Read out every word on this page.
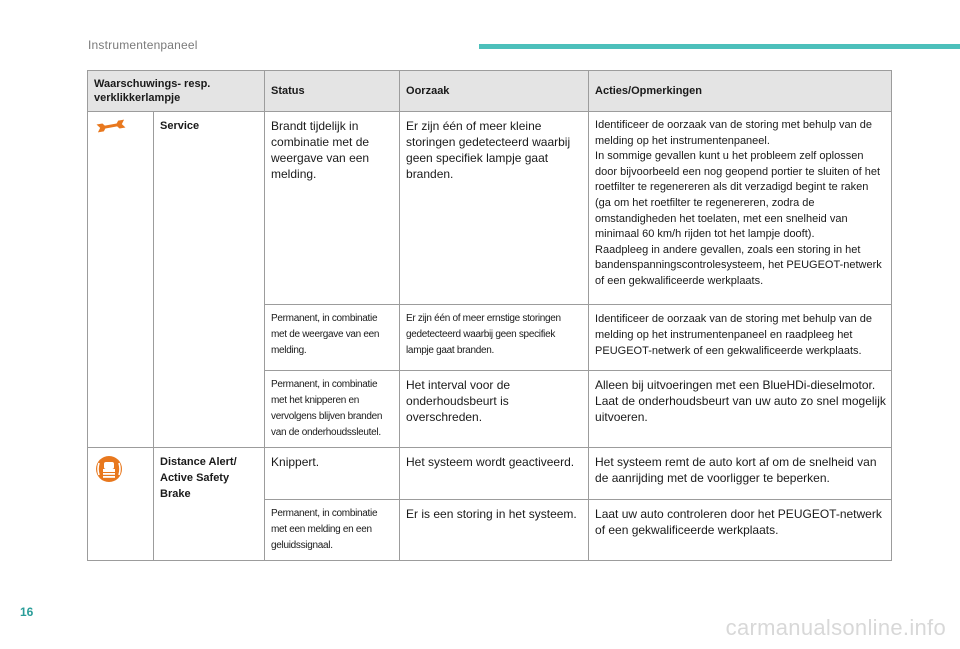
Instrumentenpaneel
Waarschuwings- resp. verklikkerlampje		Status	Oorzaak	Acties/Opmerkingen
	Service	Brandt tijdelijk in combinatie met de weergave van een melding.	Er zijn één of meer kleine storingen gedetecteerd waarbij geen specifiek lampje gaat branden.	Identificeer de oorzaak van de storing met behulp van de melding op het instrumentenpaneel.
In sommige gevallen kunt u het probleem zelf oplossen door bijvoorbeeld een nog geopend portier te sluiten of het roetfilter te regenereren als dit verzadigd begint te raken (ga om het roetfilter te regenereren, zodra de omstandigheden het toelaten, met een snelheid van minimaal 60 km/h rijden tot het lampje dooft).
Raadpleeg in andere gevallen, zoals een storing in het bandenspanningscontrolesysteem, het PEUGEOT-netwerk of een gekwalificeerde werkplaats.

		Permanent, in combinatie met de weergave van een melding.	Er zijn één of meer ernstige storingen gedetecteerd waarbij geen specifiek lampje gaat branden.	Identificeer de oorzaak van de storing met behulp van de melding op het instrumentenpaneel en raadpleeg het PEUGEOT-netwerk of een gekwalificeerde werkplaats.

		Permanent, in combinatie met het knipperen en vervolgens blijven branden van de onderhoudssleutel.	Het interval voor de onderhoudsbeurt is overschreden.	Alleen bij uitvoeringen met een BlueHDi-dieselmotor.
Laat de onderhoudsbeurt van uw auto zo snel mogelijk uitvoeren.

	Distance Alert/ Active Safety Brake	Knippert.	Het systeem wordt geactiveerd.	Het systeem remt de auto kort af om de snelheid van de aanrijding met de voorligger te beperken.

		Permanent, in combinatie met een melding en een geluidssignaal.	Er is een storing in het systeem.	Laat uw auto controleren door het PEUGEOT-netwerk of een gekwalificeerde werkplaats.
16
carmanualsonline.info
